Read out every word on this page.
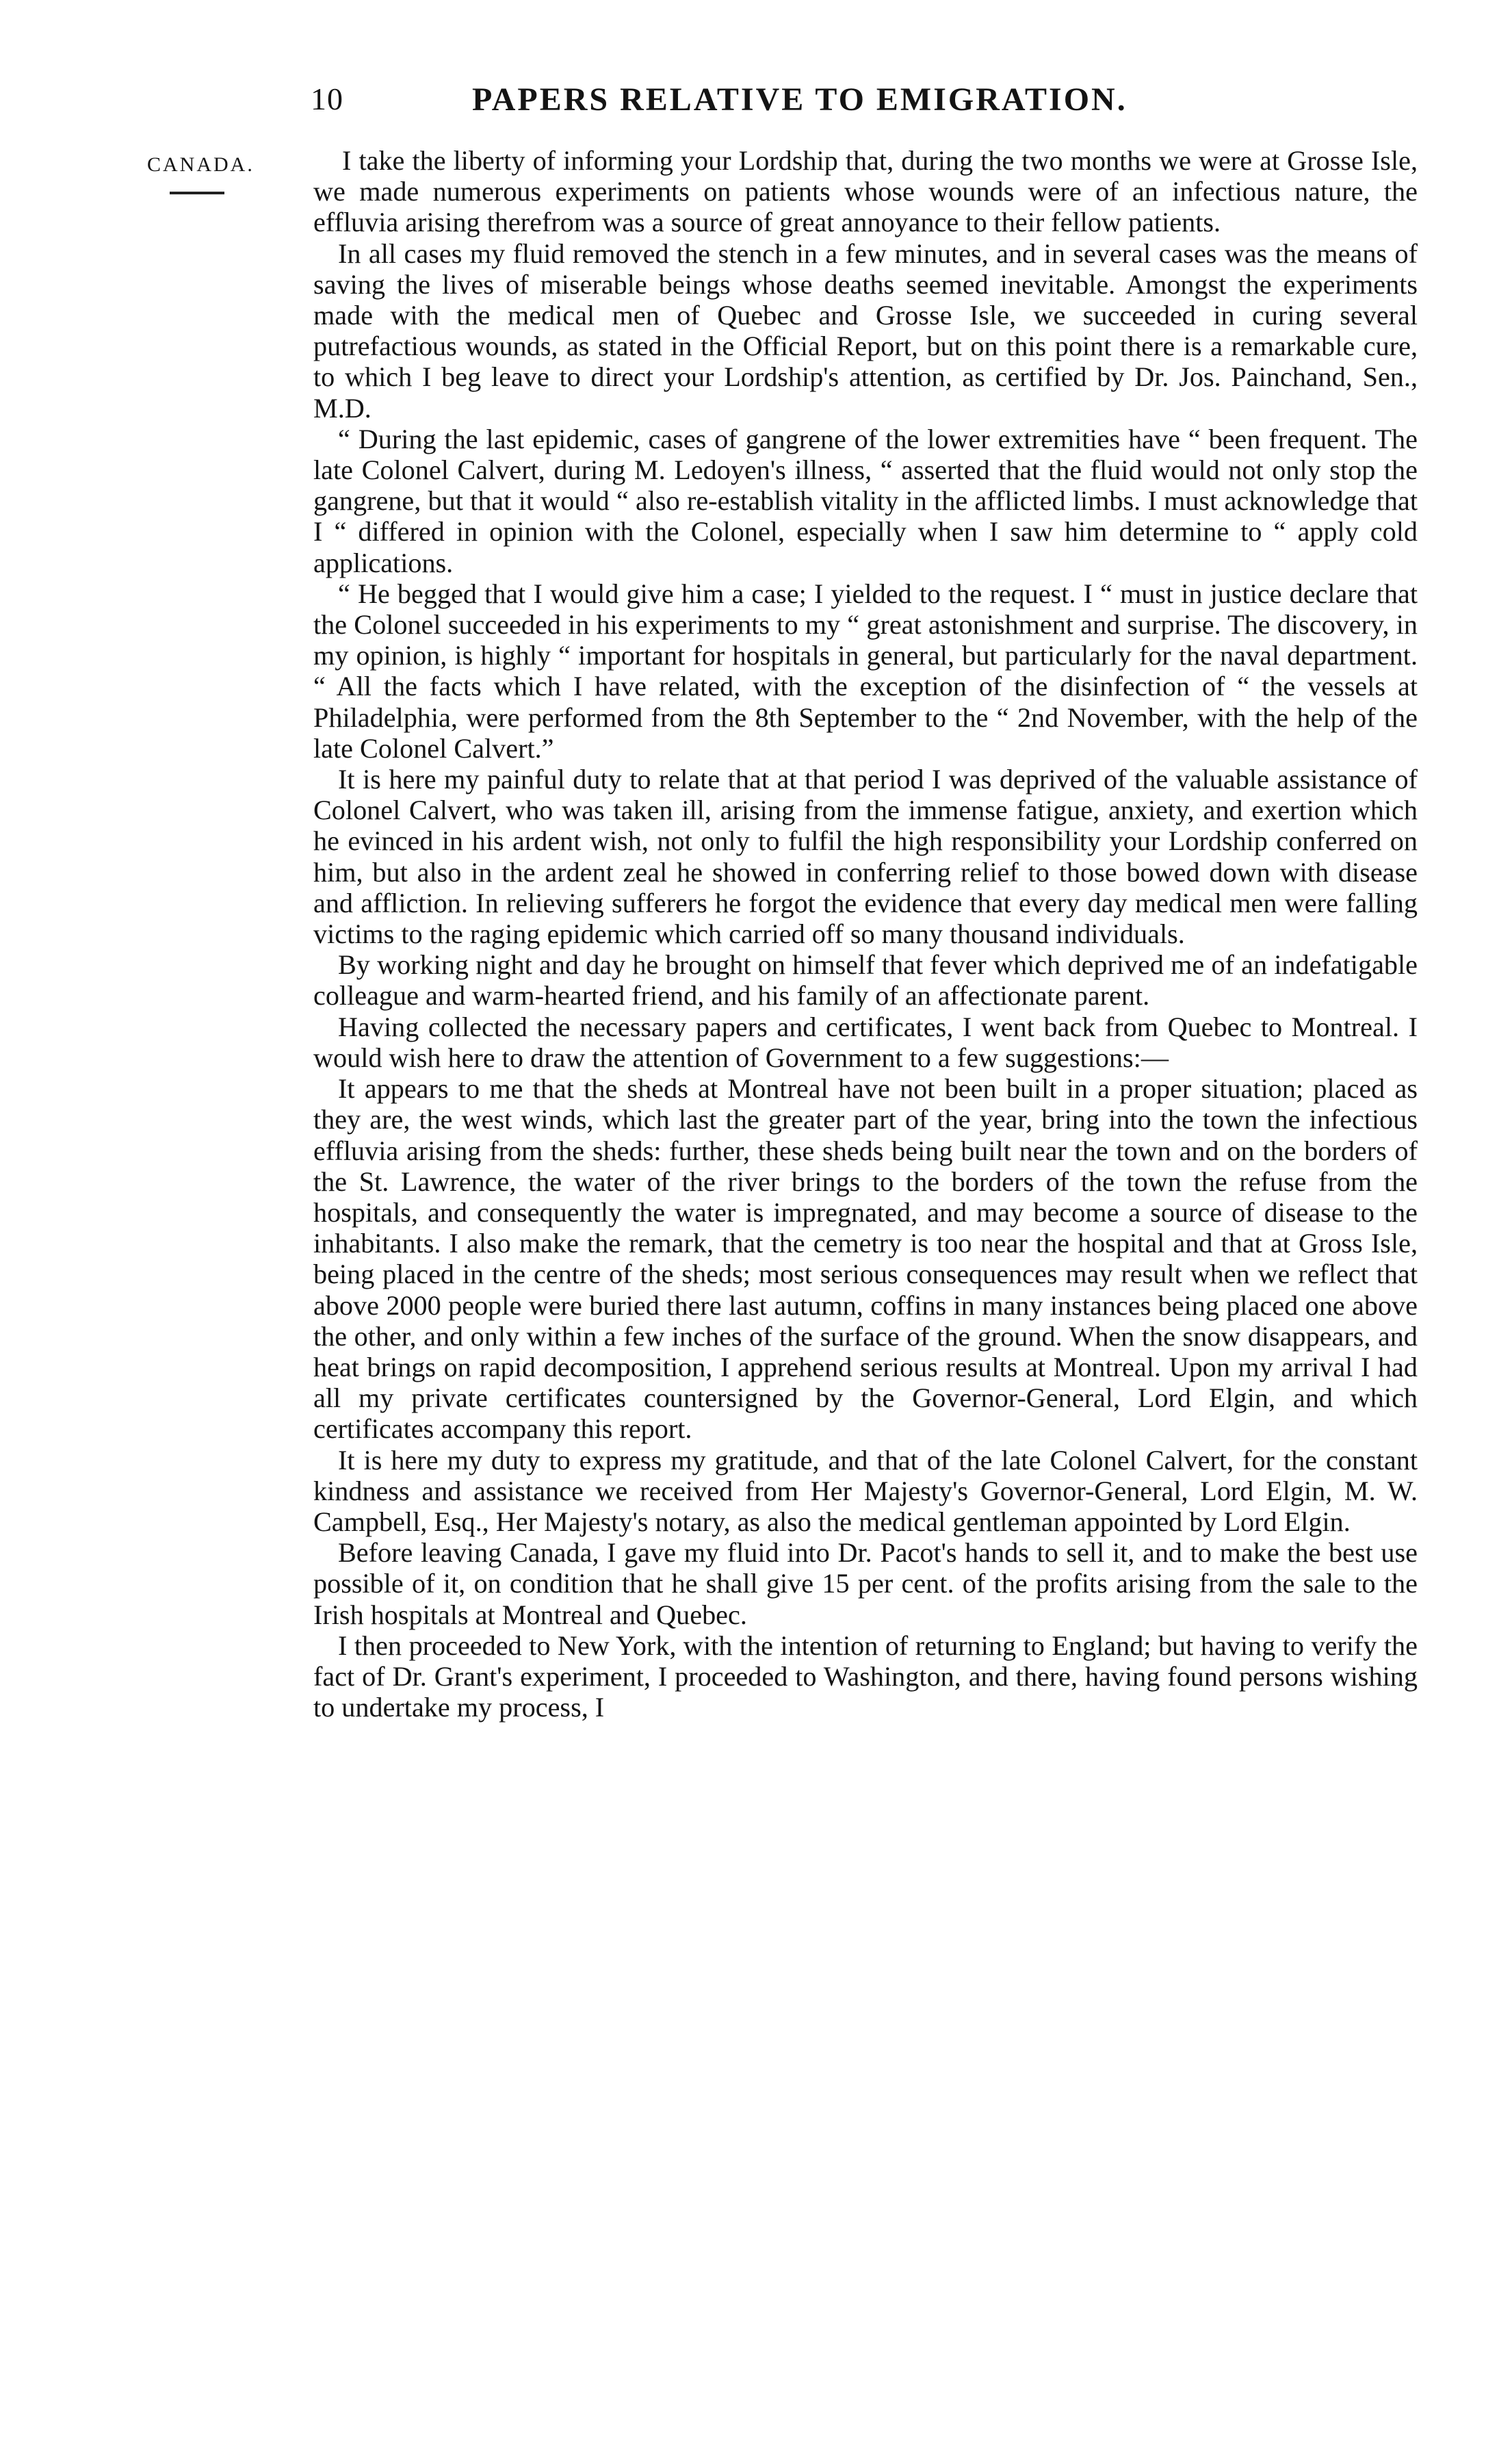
10	PAPERS RELATIVE TO EMIGRATION.
CANADA.	I take the liberty of informing your Lordship that, during the two months we were at Grosse Isle, we made numerous experiments on patients whose wounds were of an infectious nature, the effluvia arising therefrom was a source of great annoyance to their fellow patients.

In all cases my fluid removed the stench in a few minutes, and in several cases was the means of saving the lives of miserable beings whose deaths seemed inevitable. Amongst the experiments made with the medical men of Quebec and Grosse Isle, we succeeded in curing several putrefactious wounds, as stated in the Official Report, but on this point there is a remarkable cure, to which I beg leave to direct your Lordship's attention, as certified by Dr. Jos. Painchand, Sen., M.D.

“ During the last epidemic, cases of gangrene of the lower extremities have “ been frequent. The late Colonel Calvert, during M. Ledoyen's illness, “ asserted that the fluid would not only stop the gangrene, but that it would “ also re-establish vitality in the afflicted limbs. I must acknowledge that I “ differed in opinion with the Colonel, especially when I saw him determine to “ apply cold applications.

“ He begged that I would give him a case; I yielded to the request. I “ must in justice declare that the Colonel succeeded in his experiments to my “ great astonishment and surprise. The discovery, in my opinion, is highly “ important for hospitals in general, but particularly for the naval department. “ All the facts which I have related, with the exception of the disinfection of “ the vessels at Philadelphia, were performed from the 8th September to the “ 2nd November, with the help of the late Colonel Calvert.”

It is here my painful duty to relate that at that period I was deprived of the valuable assistance of Colonel Calvert, who was taken ill, arising from the immense fatigue, anxiety, and exertion which he evinced in his ardent wish, not only to fulfil the high responsibility your Lordship conferred on him, but also in the ardent zeal he showed in conferring relief to those bowed down with disease and affliction. In relieving sufferers he forgot the evidence that every day medical men were falling victims to the raging epidemic which carried off so many thousand individuals.

By working night and day he brought on himself that fever which deprived me of an indefatigable colleague and warm-hearted friend, and his family of an affectionate parent.

Having collected the necessary papers and certificates, I went back from Quebec to Montreal. I would wish here to draw the attention of Government to a few suggestions:—

It appears to me that the sheds at Montreal have not been built in a proper situation; placed as they are, the west winds, which last the greater part of the year, bring into the town the infectious effluvia arising from the sheds: further, these sheds being built near the town and on the borders of the St. Lawrence, the water of the river brings to the borders of the town the refuse from the hospitals, and consequently the water is impregnated, and may become a source of disease to the inhabitants. I also make the remark, that the cemetry is too near the hospital and that at Gross Isle, being placed in the centre of the sheds; most serious consequences may result when we reflect that above 2000 people were buried there last autumn, coffins in many instances being placed one above the other, and only within a few inches of the surface of the ground. When the snow disappears, and heat brings on rapid decomposition, I apprehend serious results at Montreal. Upon my arrival I had all my private certificates countersigned by the Governor-General, Lord Elgin, and which certificates accompany this report.

It is here my duty to express my gratitude, and that of the late Colonel Calvert, for the constant kindness and assistance we received from Her Majesty's Governor-General, Lord Elgin, M. W. Campbell, Esq., Her Majesty's notary, as also the medical gentleman appointed by Lord Elgin.

Before leaving Canada, I gave my fluid into Dr. Pacot's hands to sell it, and to make the best use possible of it, on condition that he shall give 15 per cent. of the profits arising from the sale to the Irish hospitals at Montreal and Quebec.

I then proceeded to New York, with the intention of returning to England; but having to verify the fact of Dr. Grant's experiment, I proceeded to Washington, and there, having found persons wishing to undertake my process, I
